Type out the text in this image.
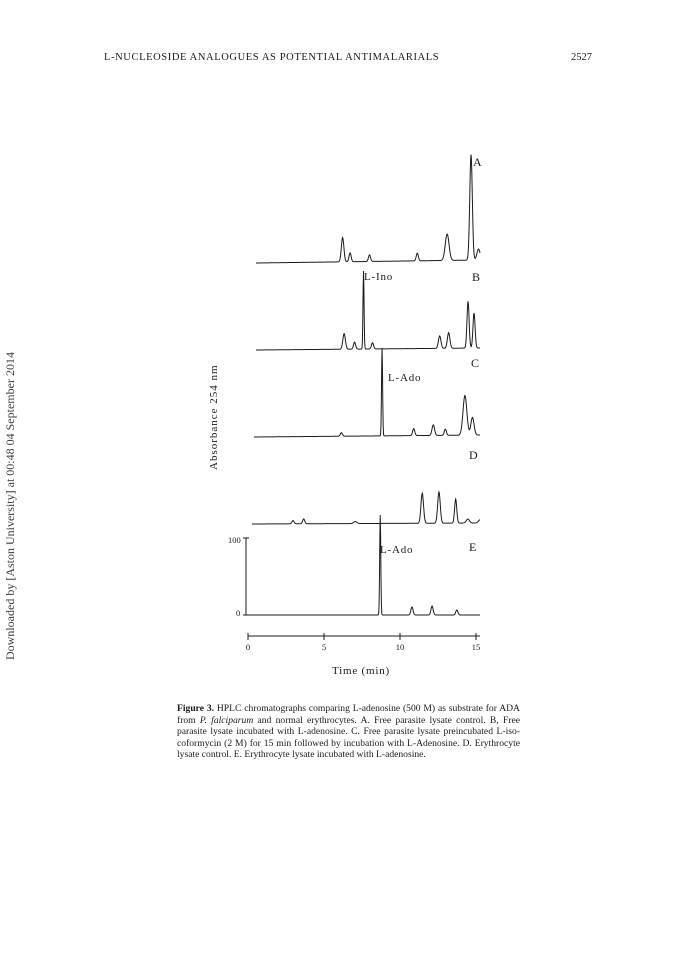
L-NUCLEOSIDE ANALOGUES AS POTENTIAL ANTIMALARIALS	2527
Downloaded by [Aston University] at 00:48 04 September 2014	Absorbance 254 nm
A
B
C
D
E
L-Ino
L-Ado
L-Ado
100
0
0	5	10	15
Time (min)
Figure 3. HPLC chromatographs comparing L-adenosine (500 M) as substrate for ADA from P. falciparum and normal erythrocytes. A. Free parasite lysate control. B, Free parasite lysate incubated with L-adenosine. C. Free parasite lysate preincubated L-iso-coformycin (2 M) for 15 min followed by incubation with L-Adenosine. D. Erythrocyte lysate control. E. Erythrocyte lysate incubated with L-adenosine.
